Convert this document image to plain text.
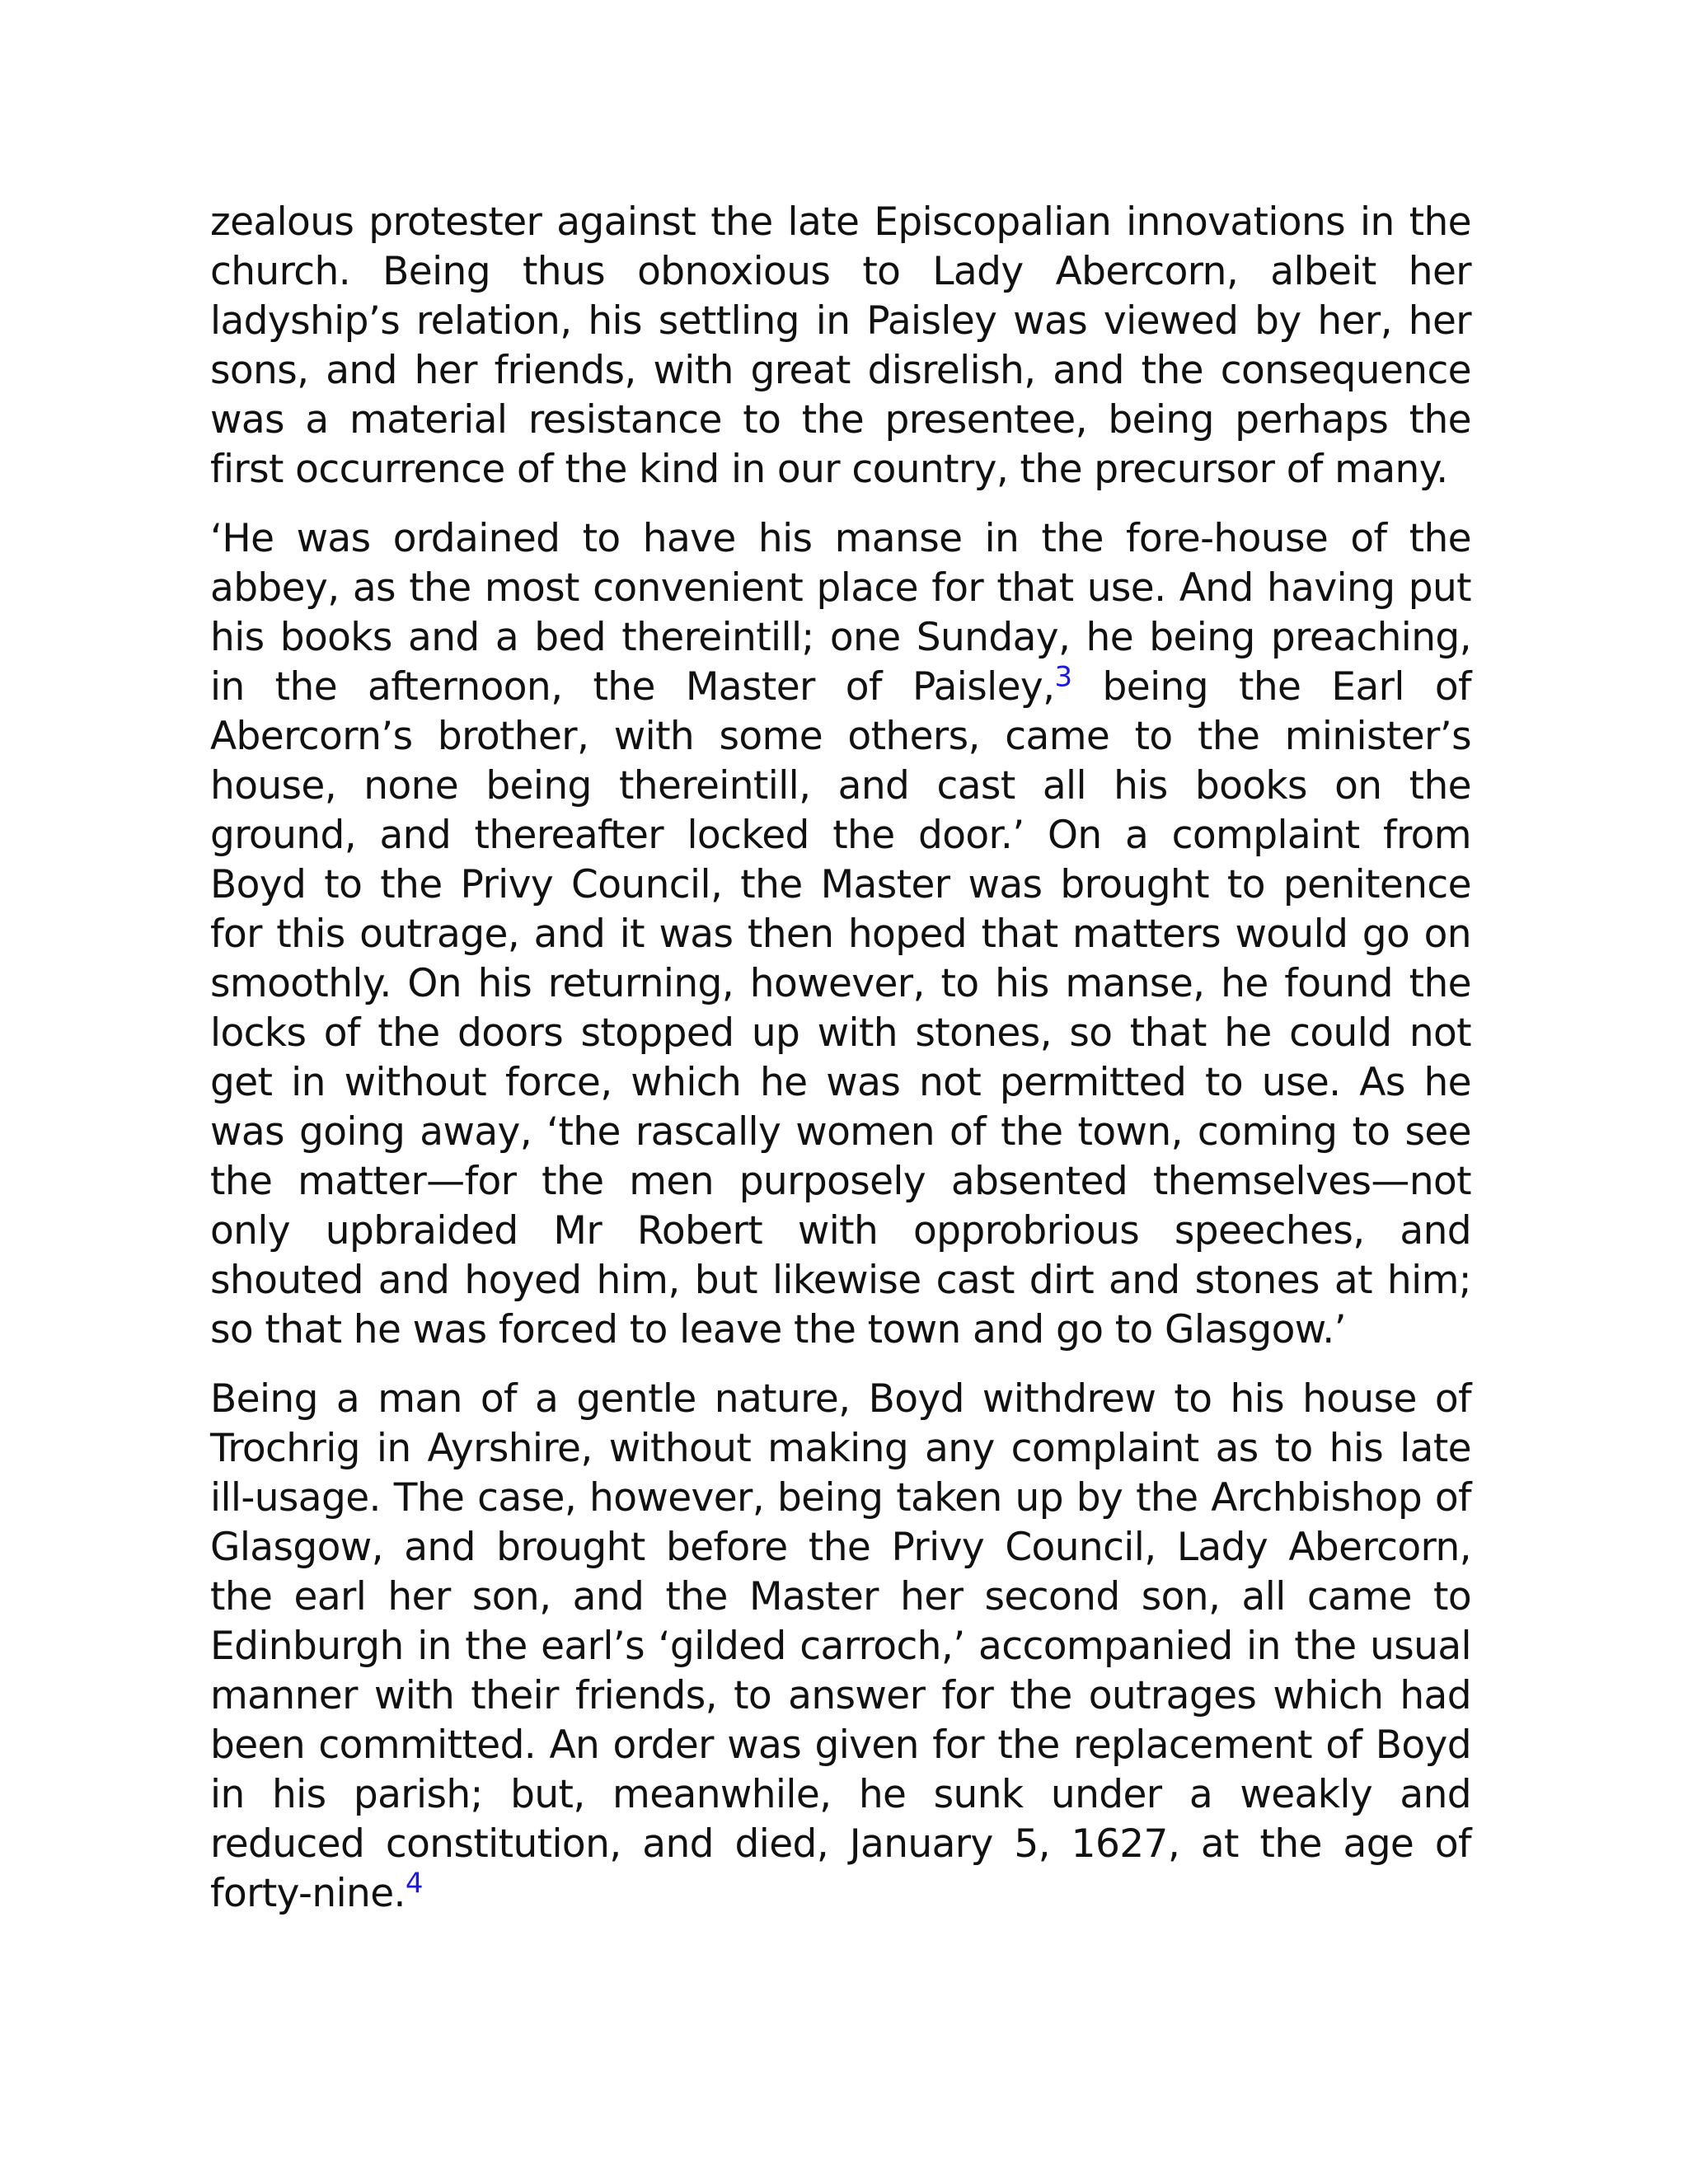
zealous protester against the late Episcopalian innovations in the church. Being thus obnoxious to Lady Abercorn, albeit her ladyship’s relation, his settling in Paisley was viewed by her, her sons, and her friends, with great disrelish, and the consequence was a material resistance to the presentee, being perhaps the first occurrence of the kind in our country, the precursor of many.

‘He was ordained to have his manse in the fore-house of the abbey, as the most convenient place for that use. And having put his books and a bed thereintill; one Sunday, he being preaching, in the afternoon, the Master of Paisley,$^3$ being the Earl of Abercorn’s brother, with some others, came to the minister’s house, none being thereintill, and cast all his books on the ground, and thereafter locked the door.’ On a complaint from Boyd to the Privy Council, the Master was brought to penitence for this outrage, and it was then hoped that matters would go on smoothly. On his returning, however, to his manse, he found the locks of the doors stopped up with stones, so that he could not get in without force, which he was not permitted to use. As he was going away, ‘the rascally women of the town, coming to see the matter—for the men purposely absented themselves—not only upbraided Mr Robert with opprobrious speeches, and shouted and hoyed him, but likewise cast dirt and stones at him; so that he was forced to leave the town and go to Glasgow.’

Being a man of a gentle nature, Boyd withdrew to his house of Trochrig in Ayrshire, without making any complaint as to his late ill-usage. The case, however, being taken up by the Archbishop of Glasgow, and brought before the Privy Council, Lady Abercorn, the earl her son, and the Master her second son, all came to Edinburgh in the earl’s ‘gilded carroch,’ accompanied in the usual manner with their friends, to answer for the outrages which had been committed. An order was given for the replacement of Boyd in his parish; but, meanwhile, he sunk under a weakly and reduced constitution, and died, January 5, 1627, at the age of forty-nine.$^4$
